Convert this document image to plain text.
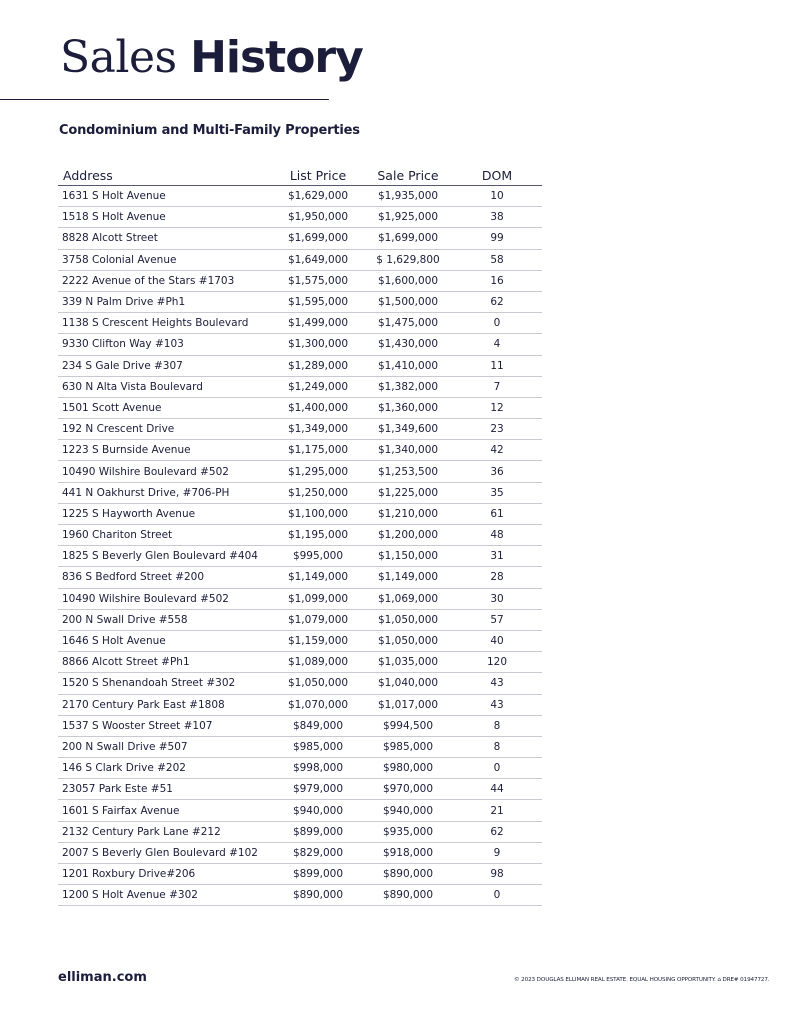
Sales History
Condominium and Multi-Family Properties
Address	List Price	Sale Price	DOM
1631 S Holt Avenue	$1,629,000	$1,935,000	10
1518 S Holt Avenue	$1,950,000	$1,925,000	38
8828 Alcott Street	$1,699,000	$1,699,000	99
3758 Colonial Avenue	$1,649,000	$ 1,629,800	58
2222 Avenue of the Stars #1703	$1,575,000	$1,600,000	16
339 N Palm Drive #Ph1	$1,595,000	$1,500,000	62
1138 S Crescent Heights Boulevard	$1,499,000	$1,475,000	0
9330 Clifton Way #103	$1,300,000	$1,430,000	4
234 S Gale Drive #307	$1,289,000	$1,410,000	11
630 N Alta Vista Boulevard	$1,249,000	$1,382,000	7
1501 Scott Avenue	$1,400,000	$1,360,000	12
192 N Crescent Drive	$1,349,000	$1,349,600	23
1223 S Burnside Avenue	$1,175,000	$1,340,000	42
10490 Wilshire Boulevard #502	$1,295,000	$1,253,500	36
441 N Oakhurst Drive, #706-PH	$1,250,000	$1,225,000	35
1225 S Hayworth Avenue	$1,100,000	$1,210,000	61
1960 Chariton Street	$1,195,000	$1,200,000	48
1825 S Beverly Glen Boulevard #404	$995,000	$1,150,000	31
836 S Bedford Street #200	$1,149,000	$1,149,000	28
10490 Wilshire Boulevard #502	$1,099,000	$1,069,000	30
200 N Swall Drive #558	$1,079,000	$1,050,000	57
1646 S Holt Avenue	$1,159,000	$1,050,000	40
8866 Alcott Street #Ph1	$1,089,000	$1,035,000	120
1520 S Shenandoah Street #302	$1,050,000	$1,040,000	43
2170 Century Park East #1808	$1,070,000	$1,017,000	43
1537 S Wooster Street #107	$849,000	$994,500	8
200 N Swall Drive #507	$985,000	$985,000	8
146 S Clark Drive #202	$998,000	$980,000	0
23057 Park Este #51	$979,000	$970,000	44
1601 S Fairfax Avenue	$940,000	$940,000	21
2132 Century Park Lane #212	$899,000	$935,000	62
2007 S Beverly Glen Boulevard #102	$829,000	$918,000	9
1201 Roxbury Drive#206	$899,000	$890,000	98
1200 S Holt Avenue #302	$890,000	$890,000	0
elliman.com	© 2023 DOUGLAS ELLIMAN REAL ESTATE. EQUAL HOUSING OPPORTUNITY. ⌂ DRE# 01947727.
